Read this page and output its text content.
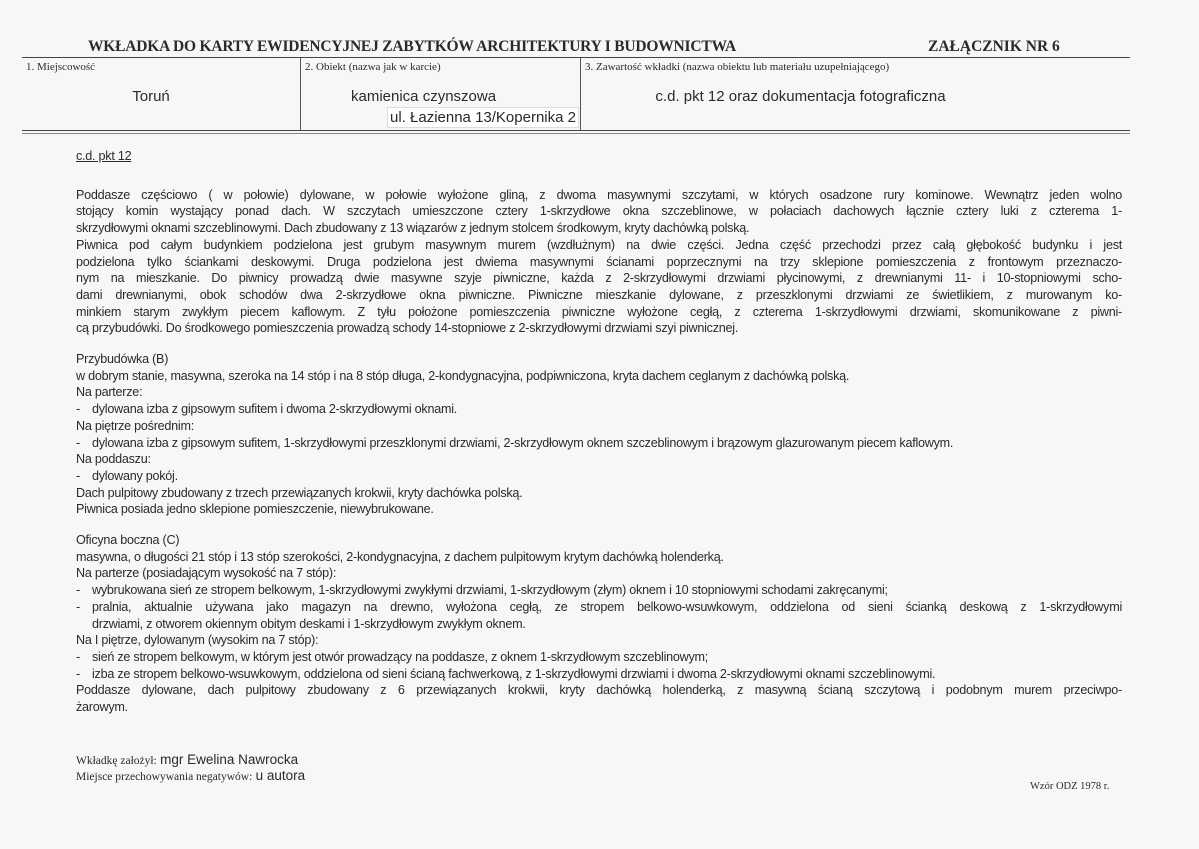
WKŁADKA DO KARTY EWIDENCYJNEJ ZABYTKÓW ARCHITEKTURY I BUDOWNICTWA	ZAŁĄCZNIK NR 6
1. Miejscowość
Toruń
2. Obiekt (nazwa jak w karcie)
kamienica czynszowa
ul. Łazienna 13/Kopernika 2
3. Zawartość wkładki (nazwa obiektu lub materiału uzupełniającego)
c.d. pkt 12 oraz dokumentacja fotograficzna
c.d. pkt 12
Poddasze częściowo ( w połowie) dylowane, w połowie wyłożone gliną, z dwoma masywnymi szczytami, w których osadzone rury kominowe. Wewnątrz jeden wolno
stojący komin wystający ponad dach. W szczytach umieszczone cztery 1-skrzydłowe okna szczeblinowe, w połaciach dachowych łącznie cztery luki z czterema 1-
skrzydłowymi oknami szczeblinowymi. Dach zbudowany z 13 wiązarów z jednym stolcem środkowym, kryty dachówką polską.
Piwnica pod całym budynkiem podzielona jest grubym masywnym murem (wzdłużnym) na dwie części. Jedna część przechodzi przez całą głębokość budynku i jest
podzielona tylko ściankami deskowymi. Druga podzielona jest dwiema masywnymi ścianami poprzecznymi na trzy sklepione pomieszczenia z frontowym przeznaczo-
nym na mieszkanie. Do piwnicy prowadzą dwie masywne szyje piwniczne, każda z 2-skrzydłowymi drzwiami płycinowymi, z drewnianymi 11- i 10-stopniowymi scho-
dami drewnianymi, obok schodów dwa 2-skrzydłowe okna piwniczne. Piwniczne mieszkanie dylowane, z przeszklonymi drzwiami ze świetlikiem, z murowanym ko-
minkiem starym zwykłym piecem kaflowym. Z tyłu położone pomieszczenia piwniczne wyłożone cegłą, z czterema 1-skrzydłowymi drzwiami, skomunikowane z piwni-
cą przybudówki. Do środkowego pomieszczenia prowadzą schody 14-stopniowe z 2-skrzydłowymi drzwiami szyi piwnicznej.
Przybudówka (B)
w dobrym stanie, masywna, szeroka na 14 stóp i na 8 stóp długa, 2-kondygnacyjna, podpiwniczona, kryta dachem ceglanym z dachówką polską.
Na parterze:
- dylowana izba z gipsowym sufitem i dwoma 2-skrzydłowymi oknami.
Na piętrze pośrednim:
- dylowana izba z gipsowym sufitem, 1-skrzydłowymi przeszklonymi drzwiami, 2-skrzydłowym oknem szczeblinowym i brązowym glazurowanym piecem kaflowym.
Na poddaszu:
- dylowany pokój.
Dach pulpitowy zbudowany z trzech przewiązanych krokwii, kryty dachówka polską.
Piwnica posiada jedno sklepione pomieszczenie, niewybrukowane.
Oficyna boczna (C)
masywna, o długości 21 stóp i 13 stóp szerokości, 2-kondygnacyjna, z dachem pulpitowym krytym dachówką holenderką.
Na parterze (posiadającym wysokość na 7 stóp):
- wybrukowana sień ze stropem belkowym, 1-skrzydłowymi zwykłymi drzwiami, 1-skrzydłowym (złym) oknem i 10 stopniowymi schodami zakręcanymi;
- pralnia, aktualnie używana jako magazyn na drewno, wyłożona cegłą, ze stropem belkowo-wsuwkowym, oddzielona od sieni ścianką deskową z 1-skrzydłowymi
drzwiami, z otworem okiennym obitym deskami i 1-skrzydłowym zwykłym oknem.
Na I piętrze, dylowanym (wysokim na 7 stóp):
- sień ze stropem belkowym, w którym jest otwór prowadzący na poddasze, z oknem 1-skrzydłowym szczeblinowym;
- izba ze stropem belkowo-wsuwkowym, oddzielona od sieni ścianą fachwerkową, z 1-skrzydłowymi drzwiami i dwoma 2-skrzydłowymi oknami szczeblinowymi.
Poddasze dylowane, dach pulpitowy zbudowany z 6 przewiązanych krokwii, kryty dachówką holenderką, z masywną ścianą szczytową i podobnym murem przeciwpo-
żarowym.
Wkładkę założył: mgr Ewelina Nawrocka
Miejsce przechowywania negatywów: u autora
Wzór ODZ 1978 r.
